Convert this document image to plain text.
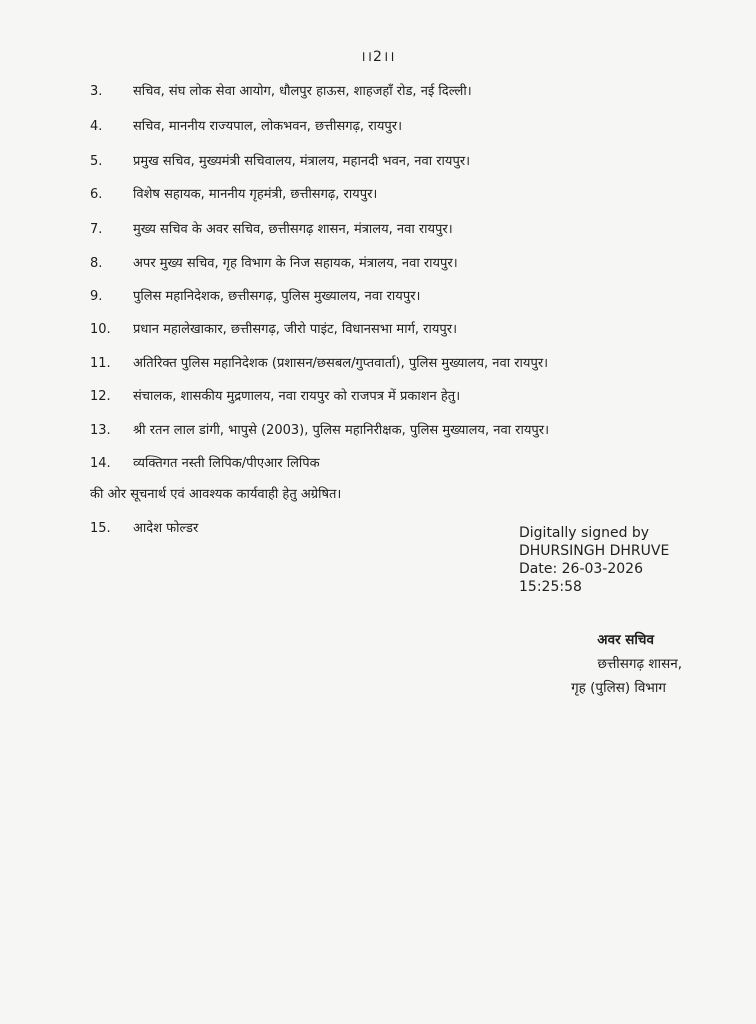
।।2।।
3.	सचिव, संघ लोक सेवा आयोग, धौलपुर हाऊस, शाहजहाँ रोड, नई दिल्ली।
4.	सचिव, माननीय राज्यपाल, लोकभवन, छत्तीसगढ़, रायपुर।
5.	प्रमुख सचिव, मुख्यमंत्री सचिवालय, मंत्रालय, महानदी भवन, नवा रायपुर।
6.	विशेष सहायक, माननीय गृहमंत्री, छत्तीसगढ़, रायपुर।
7.	मुख्य सचिव के अवर सचिव, छत्तीसगढ़ शासन, मंत्रालय, नवा रायपुर।
8.	अपर मुख्य सचिव, गृह विभाग के निज सहायक, मंत्रालय, नवा रायपुर।
9.	पुलिस महानिदेशक, छत्तीसगढ़, पुलिस मुख्यालय, नवा रायपुर।
10.	प्रधान महालेखाकार, छत्तीसगढ़, जीरो पाइंट, विधानसभा मार्ग, रायपुर।
11.	अतिरिक्त पुलिस महानिदेशक (प्रशासन/छसबल/गुप्तवार्ता), पुलिस मुख्यालय, नवा रायपुर।
12.	संचालक, शासकीय मुद्रणालय, नवा रायपुर को राजपत्र में प्रकाशन हेतु।
13.	श्री रतन लाल डांगी, भापुसे (2003), पुलिस महानिरीक्षक, पुलिस मुख्यालय, नवा रायपुर।
14.	व्यक्तिगत नस्ती लिपिक/पीएआर लिपिक
की ओर सूचनार्थ एवं आवश्यक कार्यवाही हेतु अग्रेषित।
15.	आदेश फोल्डर	Digitally signed by
DHURSINGH DHRUVE
Date: 26-03-2026
15:25:58
अवर सचिव
छत्तीसगढ़ शासन,
गृह (पुलिस) विभाग
